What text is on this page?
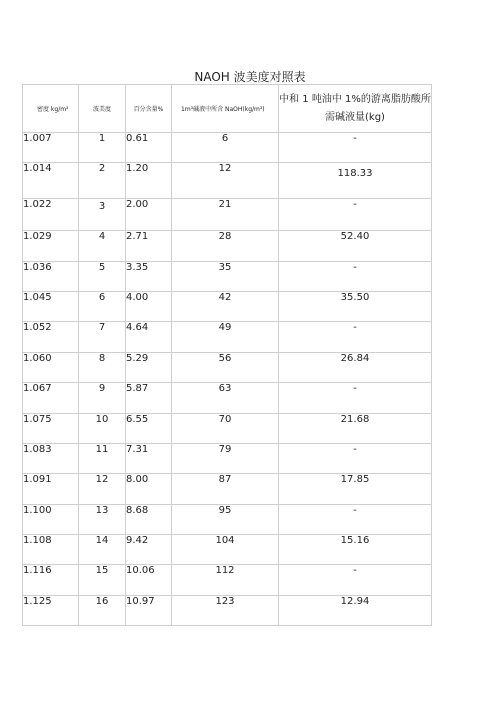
NAOH 波美度对照表
密度 kg/m³	波美度	百分含量%	1m³碱液中所含 NaOH(kg/m³)	中和 1 吨油中 1%的游离脂肪酸所
需碱液量(kg)

1.007	1	0.61	6	-
1.014	2	1.20	12	118.33
1.022	3	2.00	21	-
1.029	4	2.71	28	52.40
1.036	5	3.35	35	-
1.045	6	4.00	42	35.50
1.052	7	4.64	49	-
1.060	8	5.29	56	26.84
1.067	9	5.87	63	-
1.075	10	6.55	70	21.68
1.083	11	7.31	79	-
1.091	12	8.00	87	17.85
1.100	13	8.68	95	-
1.108	14	9.42	104	15.16
1.116	15	10.06	112	-
1.125	16	10.97	123	12.94
